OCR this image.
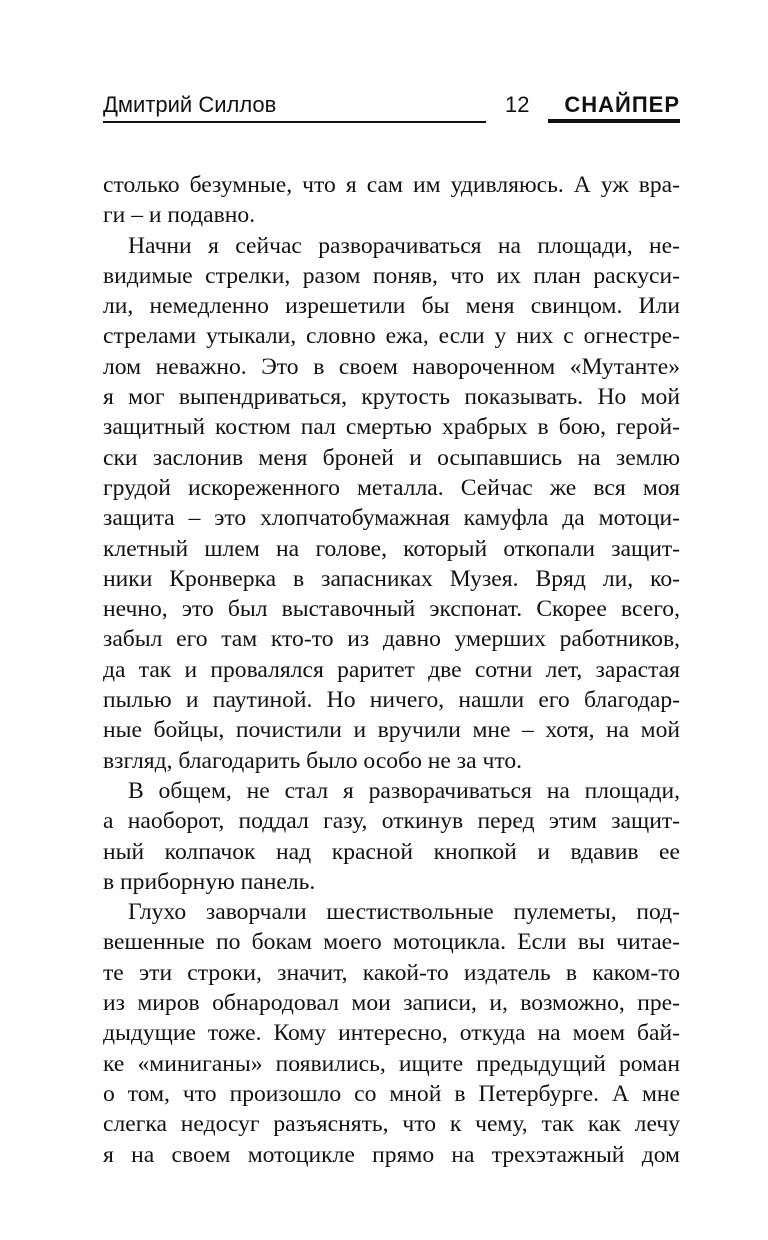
Дмитрий Силлов	12 СНАЙПЕР
столько безумные, что я сам им удивляюсь. А уж вра-
ги – и подавно.
Начни я сейчас разворачиваться на площади, не-
видимые стрелки, разом поняв, что их план раскуси-
ли, немедленно изрешетили бы меня свинцом. Или
стрелами утыкали, словно ежа, если у них с огнестре-
лом неважно. Это в своем навороченном «Мутанте»
я мог выпендриваться, крутость показывать. Но мой
защитный костюм пал смертью храбрых в бою, герой-
ски заслонив меня броней и осыпавшись на землю
грудой искореженного металла. Сейчас же вся моя
защита – это хлопчатобумажная камуфла да мотоци-
клетный шлем на голове, который откопали защит-
ники Кронверка в запасниках Музея. Вряд ли, ко-
нечно, это был выставочный экспонат. Скорее всего,
забыл его там кто-то из давно умерших работников,
да так и провалялся раритет две сотни лет, зарастая
пылью и паутиной. Но ничего, нашли его благодар-
ные бойцы, почистили и вручили мне – хотя, на мой
взгляд, благодарить было особо не за что.
В общем, не стал я разворачиваться на площади,
а наоборот, поддал газу, откинув перед этим защит-
ный колпачок над красной кнопкой и вдавив ее
в приборную панель.
Глухо заворчали шестиствольные пулеметы, под-
вешенные по бокам моего мотоцикла. Если вы читае-
те эти строки, значит, какой-то издатель в каком-то
из миров обнародовал мои записи, и, возможно, пре-
дыдущие тоже. Кому интересно, откуда на моем бай-
ке «миниганы» появились, ищите предыдущий роман
о том, что произошло со мной в Петербурге. А мне
слегка недосуг разъяснять, что к чему, так как лечу
я на своем мотоцикле прямо на трехэтажный дом
